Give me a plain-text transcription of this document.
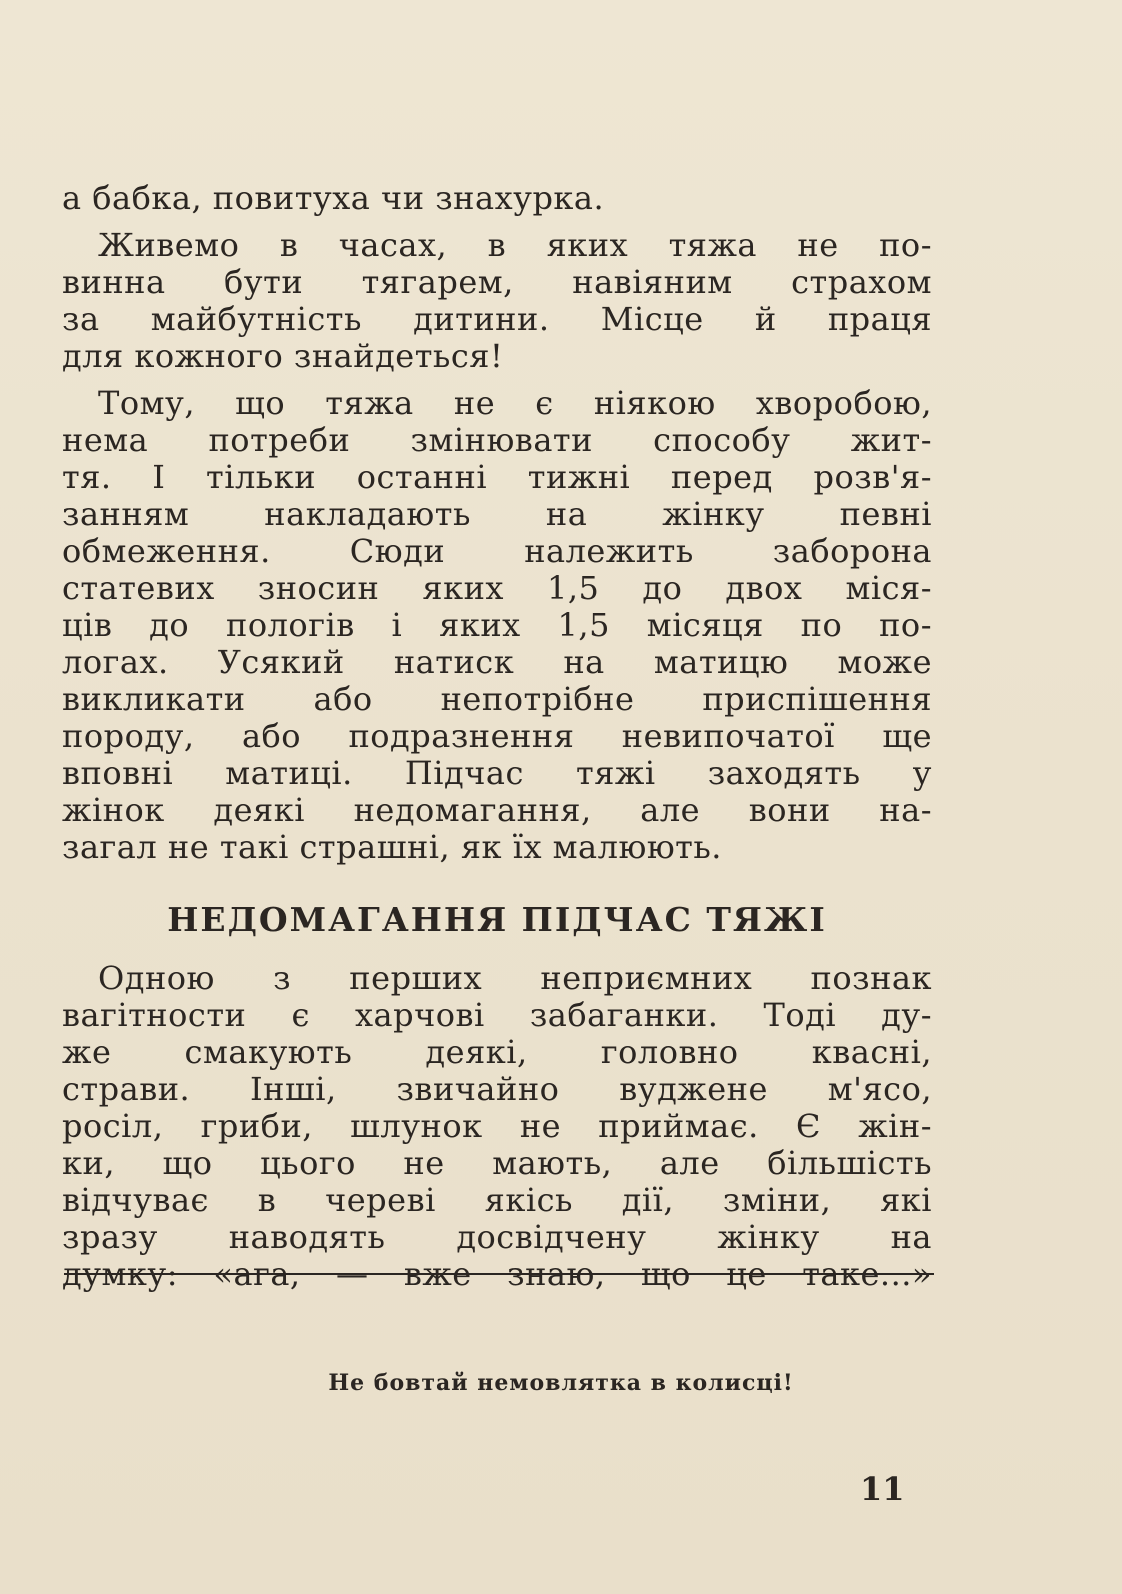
а бабка, повитуха чи знахурка.
Живемо в часах, в яких тяжа не по-
винна бути тягарем, навіяним страхом
за майбутність дитини. Місце й праця
для кожного знайдеться!
Тому, що тяжа не є ніякою хворобою,
нема потреби змінювати способу жит-
тя. І тільки останні тижні перед розв'я-
занням накладають на жінку певні
обмеження. Сюди належить заборона
статевих зносин яких 1,5 до двох міся-
ців до пологів і яких 1,5 місяця по по-
логах. Усякий натиск на матицю може
викликати або непотрібне приспішення
породу, або подразнення невипочатої ще
вповні матиці. Підчас тяжі заходять у
жінок деякі недомагання, але вони на-
загал не такі страшні, як їх малюють.
НЕДОМАГАННЯ ПІДЧАС ТЯЖІ
Одною з перших неприємних познак
вагітности є харчові забаганки. Тоді ду-
же смакують деякі, головно квасні,
страви. Інші, звичайно вуджене м'ясо,
росіл, гриби, шлунок не приймає. Є жін-
ки, що цього не мають, але більшість
відчуває в череві якісь дії, зміни, які
зразу наводять досвідчену жінку на
думку: «ага, — вже знаю, що це таке...»
Не бовтай немовлятка в колисці!
11
